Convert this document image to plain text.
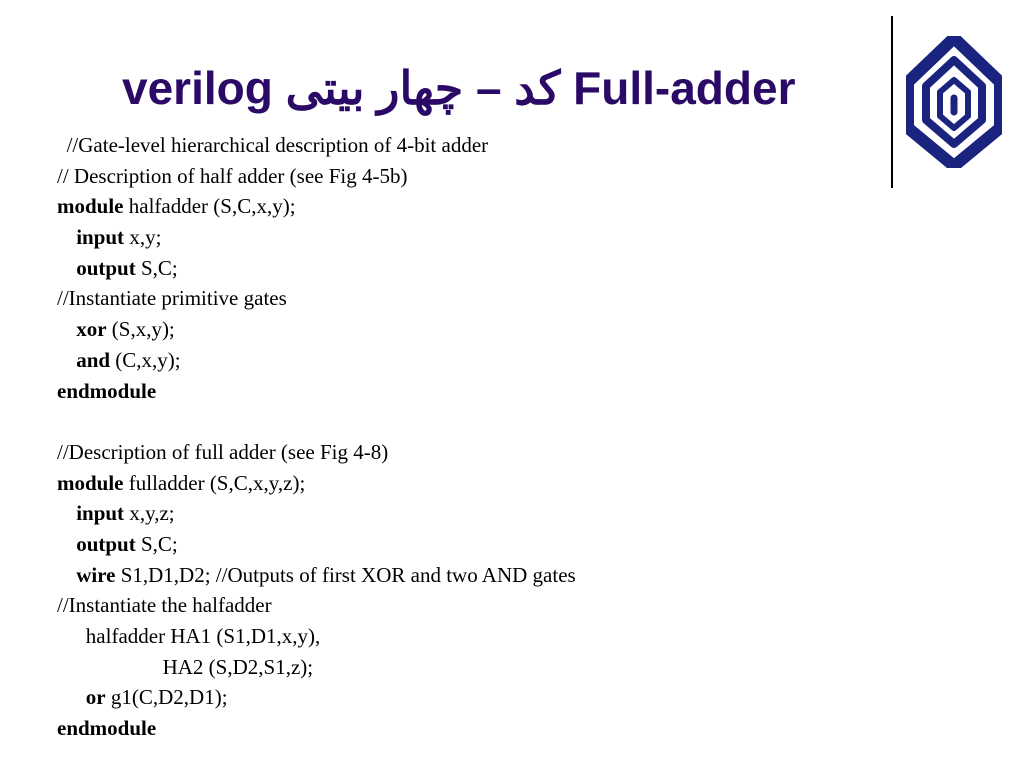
verilog کد – چهار بیتی Full-adder
//Gate-level hierarchical description of 4-bit adder
// Description of half adder (see Fig 4-5b)
module halfadder (S,C,x,y);
input x,y;
output S,C;
//Instantiate primitive gates
xor (S,x,y);
and (C,x,y);
endmodule

//Description of full adder (see Fig 4-8)
module fulladder (S,C,x,y,z);
input x,y,z;
output S,C;
wire S1,D1,D2; //Outputs of first XOR and two AND gates
//Instantiate the halfadder
halfadder HA1 (S1,D1,x,y),
HA2 (S,D2,S1,z);
or g1(C,D2,D1);
endmodule
